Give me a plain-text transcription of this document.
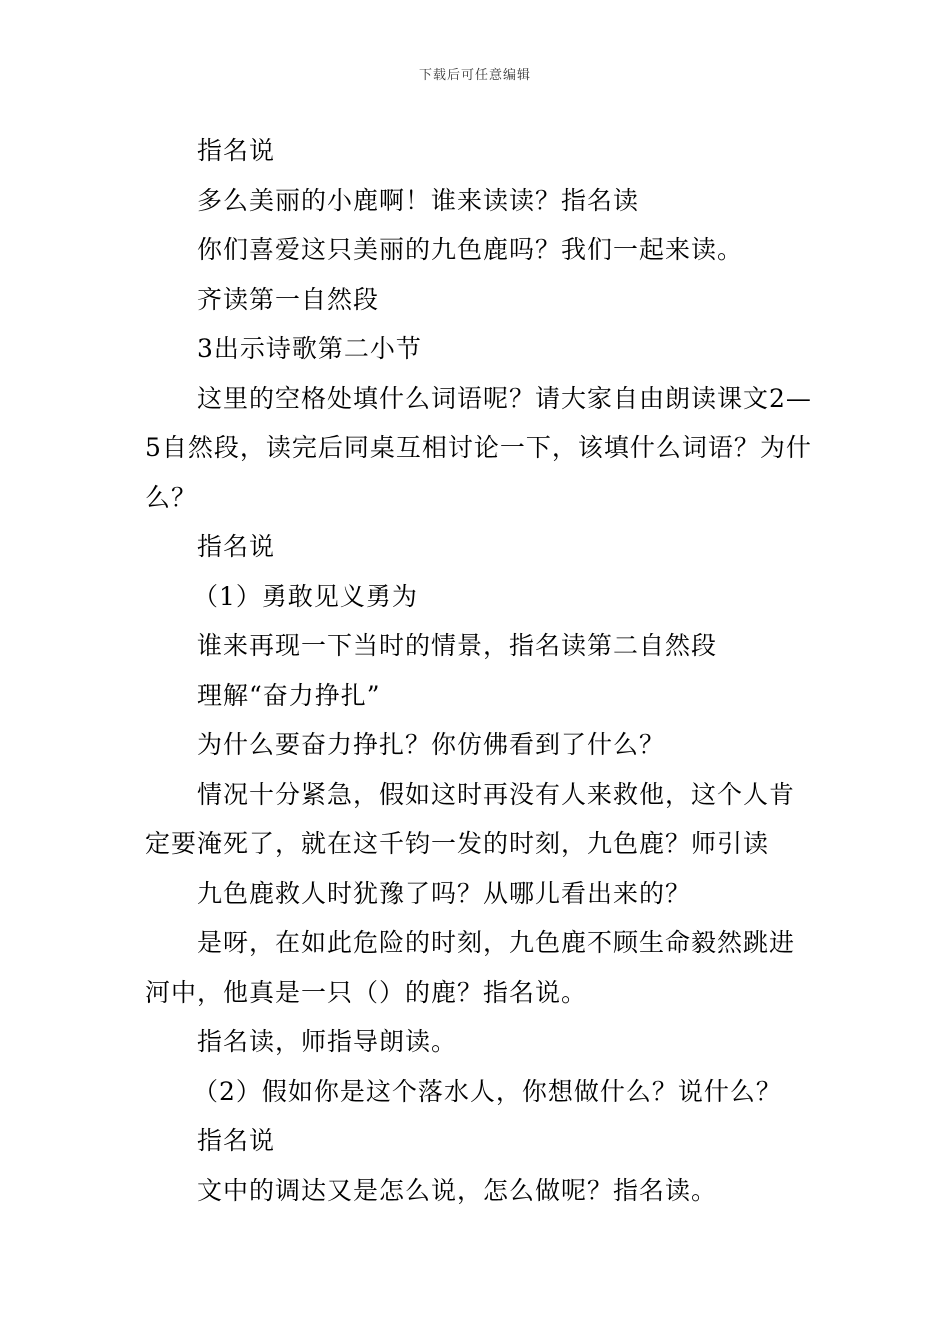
下载后可任意编辑

指名说

多么美丽的小鹿啊！谁来读读？指名读

你们喜爱这只美丽的九色鹿吗？我们一起来读。

齐读第一自然段

3出示诗歌第二小节

这里的空格处填什么词语呢？请大家自由朗读课文2—5自然段，读完后同桌互相讨论一下，该填什么词语？为什么？

指名说

（1）勇敢见义勇为

谁来再现一下当时的情景，指名读第二自然段

理解“奋力挣扎”

为什么要奋力挣扎？你仿佛看到了什么？

情况十分紧急，假如这时再没有人来救他，这个人肯定要淹死了，就在这千钧一发的时刻，九色鹿？师引读

九色鹿救人时犹豫了吗？从哪儿看出来的？

是呀，在如此危险的时刻，九色鹿不顾生命毅然跳进河中，他真是一只（）的鹿？指名说。

指名读，师指导朗读。

（2）假如你是这个落水人，你想做什么？说什么？

指名说

文中的调达又是怎么说，怎么做呢？指名读。
